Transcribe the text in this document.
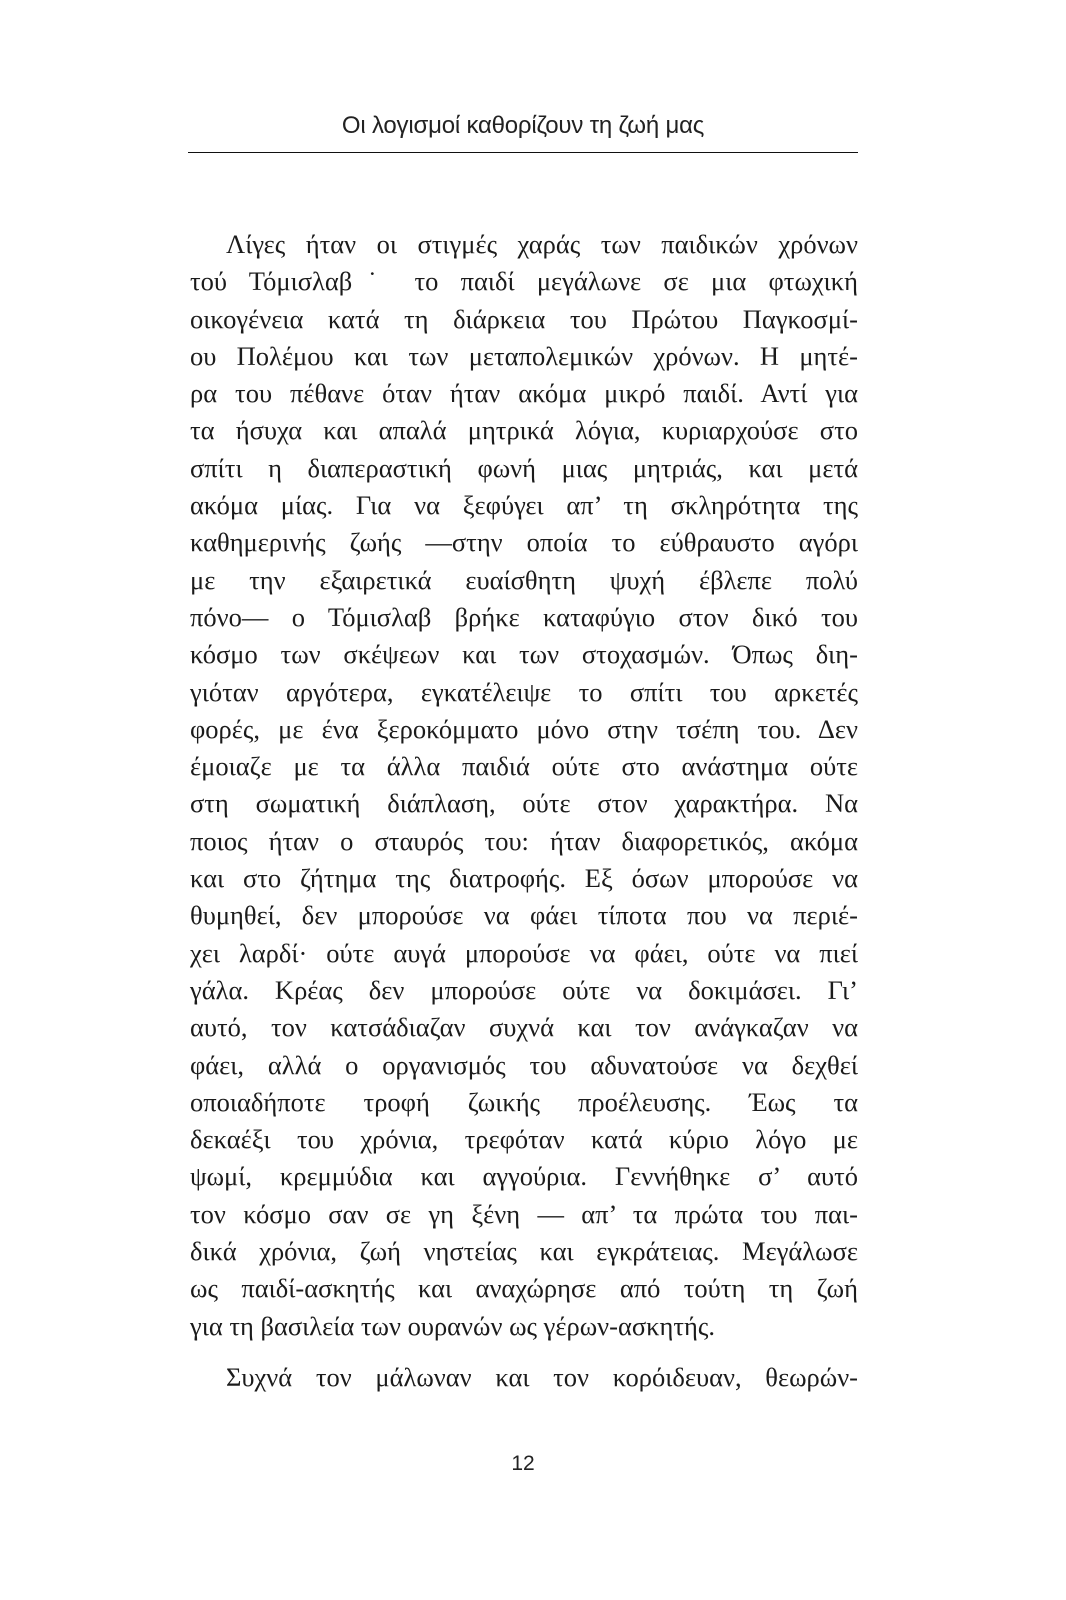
Οι λογισμοί καθορίζουν τη ζωή μας

Λίγες ήταν οι στιγμές χαράς των παιδικών χρόνων
τού Τόμισλαβ˙ το παιδί μεγάλωνε σε μια φτωχική
οικογένεια κατά τη διάρκεια του Πρώτου Παγκοσμί-
ου Πολέμου και των μεταπολεμικών χρόνων. Η μητέ-
ρα του πέθανε όταν ήταν ακόμα μικρό παιδί. Αντί για
τα ήσυχα και απαλά μητρικά λόγια, κυριαρχούσε στο
σπίτι η διαπεραστική φωνή μιας μητριάς, και μετά
ακόμα μίας. Για να ξεφύγει απ’ τη σκληρότητα της
καθημερινής ζωής —στην οποία το εύθραυστο αγόρι
με την εξαιρετικά ευαίσθητη ψυχή έβλεπε πολύ
πόνο— ο Τόμισλαβ βρήκε καταφύγιο στον δικό του
κόσμο των σκέψεων και των στοχασμών. Όπως διη-
γιόταν αργότερα, εγκατέλειψε το σπίτι του αρκετές
φορές, με ένα ξεροκόμματο μόνο στην τσέπη του. Δεν
έμοιαζε με τα άλλα παιδιά ούτε στο ανάστημα ούτε
στη σωματική διάπλαση, ούτε στον χαρακτήρα. Να
ποιος ήταν ο σταυρός του: ήταν διαφορετικός, ακόμα
και στο ζήτημα της διατροφής. Εξ όσων μπορούσε να
θυμηθεί, δεν μπορούσε να φάει τίποτα που να περιέ-
χει λαρδί· ούτε αυγά μπορούσε να φάει, ούτε να πιεί
γάλα. Κρέας δεν μπορούσε ούτε να δοκιμάσει. Γι’
αυτό, τον κατσάδιαζαν συχνά και τον ανάγκαζαν να
φάει, αλλά ο οργανισμός του αδυνατούσε να δεχθεί
οποιαδήποτε τροφή ζωικής προέλευσης. Έως τα
δεκαέξι του χρόνια, τρεφόταν κατά κύριο λόγο με
ψωμί, κρεμμύδια και αγγούρια. Γεννήθηκε σ’ αυτό
τον κόσμο σαν σε γη ξένη — απ’ τα πρώτα του παι-
δικά χρόνια, ζωή νηστείας και εγκράτειας. Μεγάλωσε
ως παιδί-ασκητής και αναχώρησε από τούτη τη ζωή
για τη βασιλεία των ουρανών ως γέρων-ασκητής.

Συχνά τον μάλωναν και τον κορόιδευαν, θεωρών-

12
